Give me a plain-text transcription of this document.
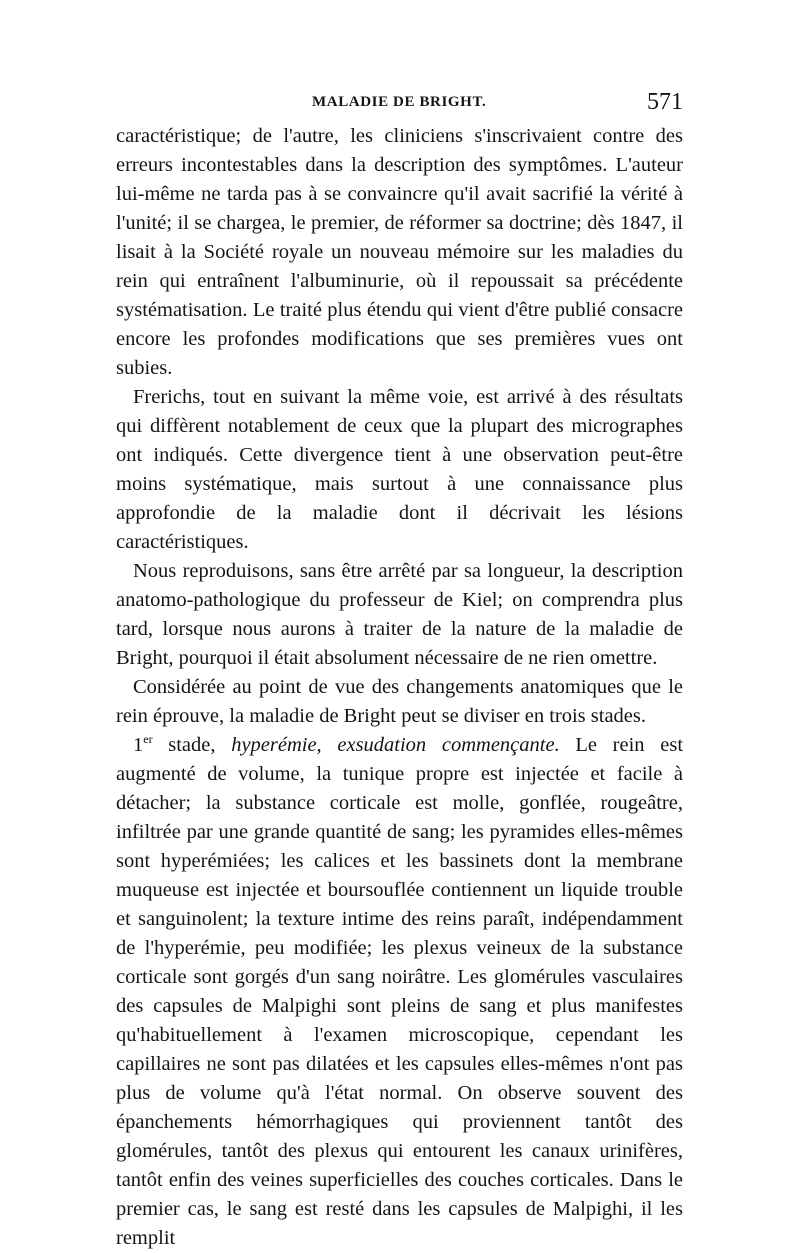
MALADIE DE BRIGHT.	571

caractéristique; de l'autre, les cliniciens s'inscrivaient contre des erreurs incontestables dans la description des symptômes. L'auteur lui-même ne tarda pas à se convaincre qu'il avait sacrifié la vérité à l'unité; il se chargea, le premier, de réformer sa doctrine; dès 1847, il lisait à la Société royale un nouveau mémoire sur les maladies du rein qui entraînent l'albuminurie, où il repoussait sa précédente systématisation. Le traité plus étendu qui vient d'être publié consacre encore les profondes modifications que ses premières vues ont subies.

Frerichs, tout en suivant la même voie, est arrivé à des résultats qui diffèrent notablement de ceux que la plupart des micrographes ont indiqués. Cette divergence tient à une observation peut-être moins systématique, mais surtout à une connaissance plus approfondie de la maladie dont il décrivait les lésions caractéristiques.

Nous reproduisons, sans être arrêté par sa longueur, la description anatomo-pathologique du professeur de Kiel; on comprendra plus tard, lorsque nous aurons à traiter de la nature de la maladie de Bright, pourquoi il était absolument nécessaire de ne rien omettre.

Considérée au point de vue des changements anatomiques que le rein éprouve, la maladie de Bright peut se diviser en trois stades.

1er stade, hyperémie, exsudation commençante. Le rein est augmenté de volume, la tunique propre est injectée et facile à détacher; la substance corticale est molle, gonflée, rougeâtre, infiltrée par une grande quantité de sang; les pyramides elles-mêmes sont hyperémiées; les calices et les bassinets dont la membrane muqueuse est injectée et boursouflée contiennent un liquide trouble et sanguinolent; la texture intime des reins paraît, indépendamment de l'hyperémie, peu modifiée; les plexus veineux de la substance corticale sont gorgés d'un sang noirâtre. Les glomérules vasculaires des capsules de Malpighi sont pleins de sang et plus manifestes qu'habituellement à l'examen microscopique, cependant les capillaires ne sont pas dilatées et les capsules elles-mêmes n'ont pas plus de volume qu'à l'état normal. On observe souvent des épanchements hémorrhagiques qui proviennent tantôt des glomérules, tantôt des plexus qui entourent les canaux urinifères, tantôt enfin des veines superficielles des couches corticales. Dans le premier cas, le sang est resté dans les capsules de Malpighi, il les remplit
